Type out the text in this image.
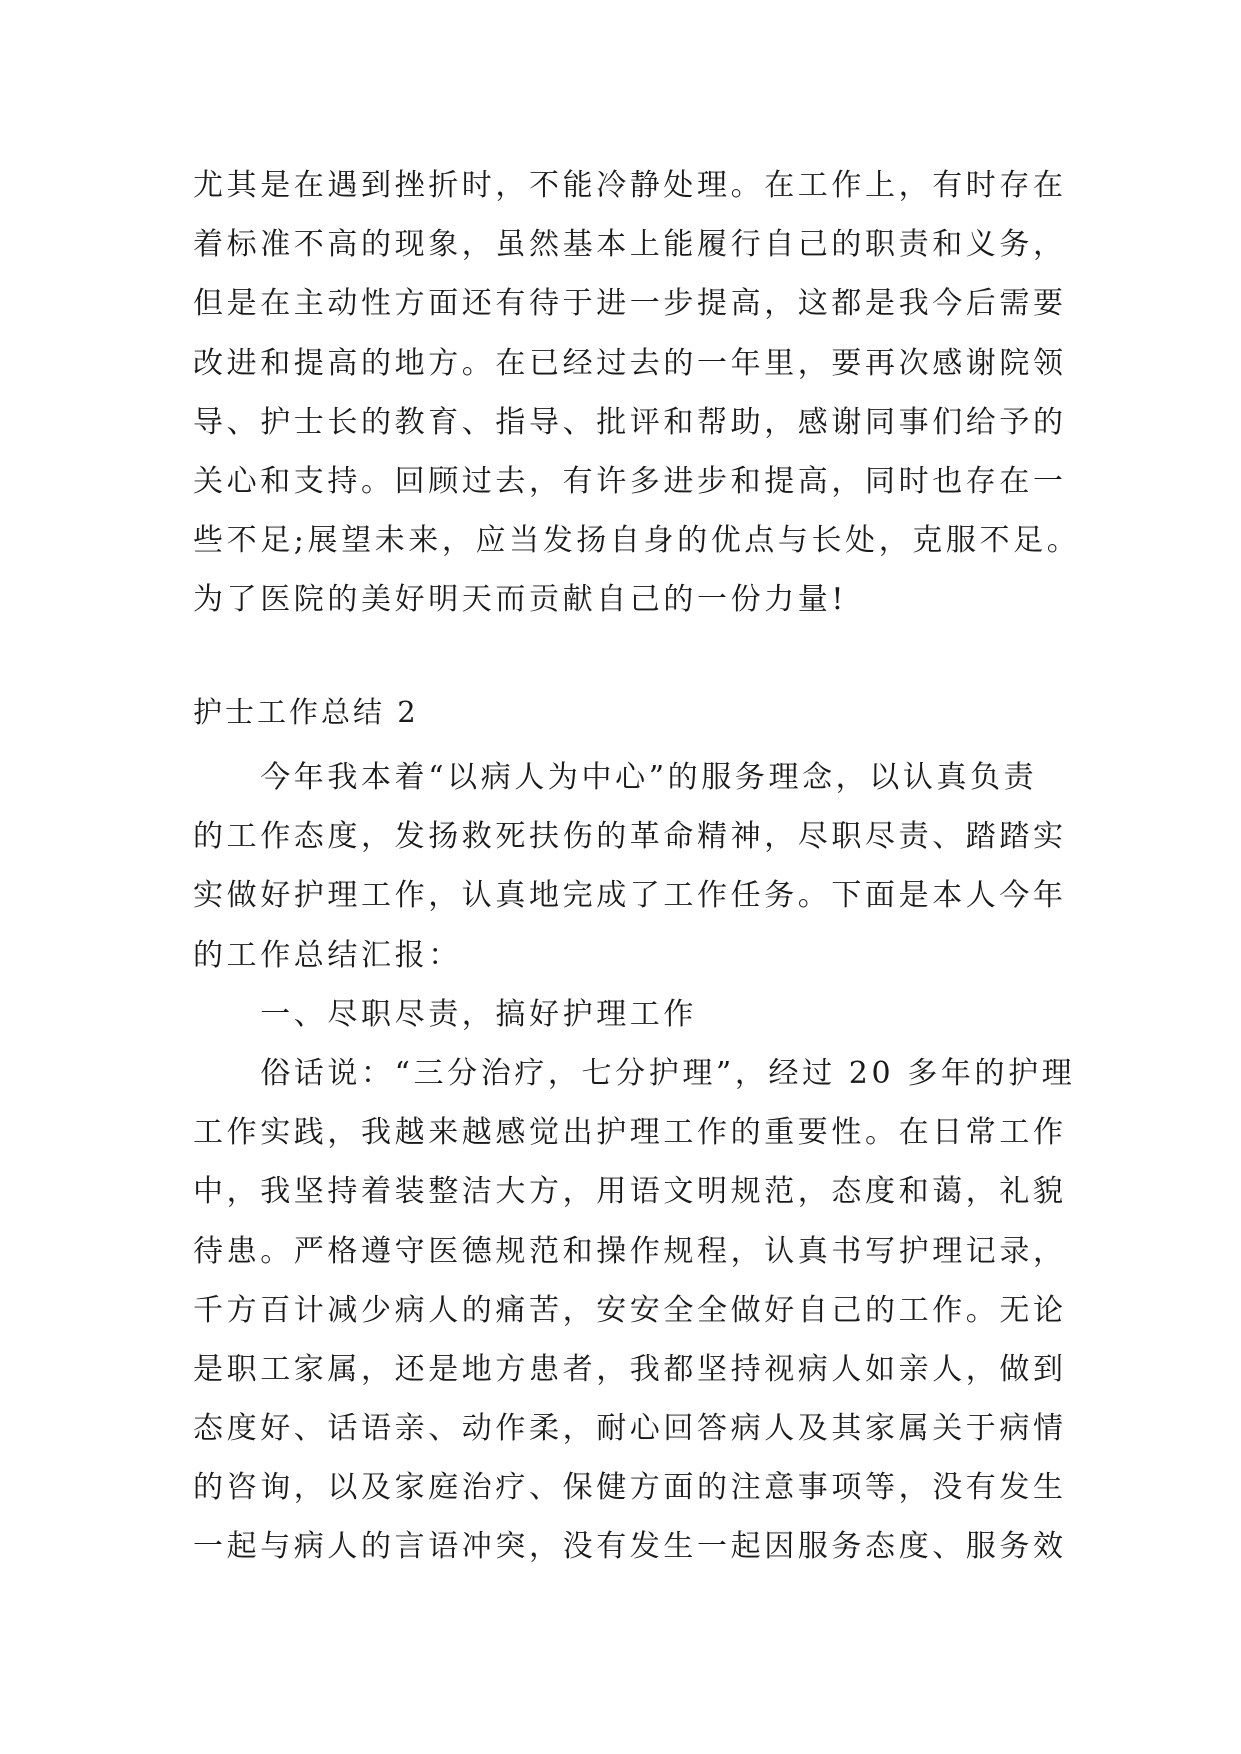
尤其是在遇到挫折时，不能冷静处理。在工作上，有时存在
着标准不高的现象，虽然基本上能履行自己的职责和义务，
但是在主动性方面还有待于进一步提高，这都是我今后需要
改进和提高的地方。在已经过去的一年里，要再次感谢院领
导、护士长的教育、指导、批评和帮助，感谢同事们给予的
关心和支持。回顾过去，有许多进步和提高，同时也存在一
些不足;展望未来，应当发扬自身的优点与长处，克服不足。
为了医院的美好明天而贡献自己的一份力量!
护士工作总结 2
　　今年我本着“以病人为中心”的服务理念，以认真负责
的工作态度，发扬救死扶伤的革命精神，尽职尽责、踏踏实
实做好护理工作，认真地完成了工作任务。下面是本人今年
的工作总结汇报：
　　一、尽职尽责，搞好护理工作
　　俗话说：“三分治疗，七分护理”，经过 20 多年的护理
工作实践，我越来越感觉出护理工作的重要性。在日常工作
中，我坚持着装整洁大方，用语文明规范，态度和蔼，礼貌
待患。严格遵守医德规范和操作规程，认真书写护理记录，
千方百计减少病人的痛苦，安安全全做好自己的工作。无论
是职工家属，还是地方患者，我都坚持视病人如亲人，做到
态度好、话语亲、动作柔，耐心回答病人及其家属关于病情
的咨询，以及家庭治疗、保健方面的注意事项等，没有发生
一起与病人的言语冲突，没有发生一起因服务态度、服务效
